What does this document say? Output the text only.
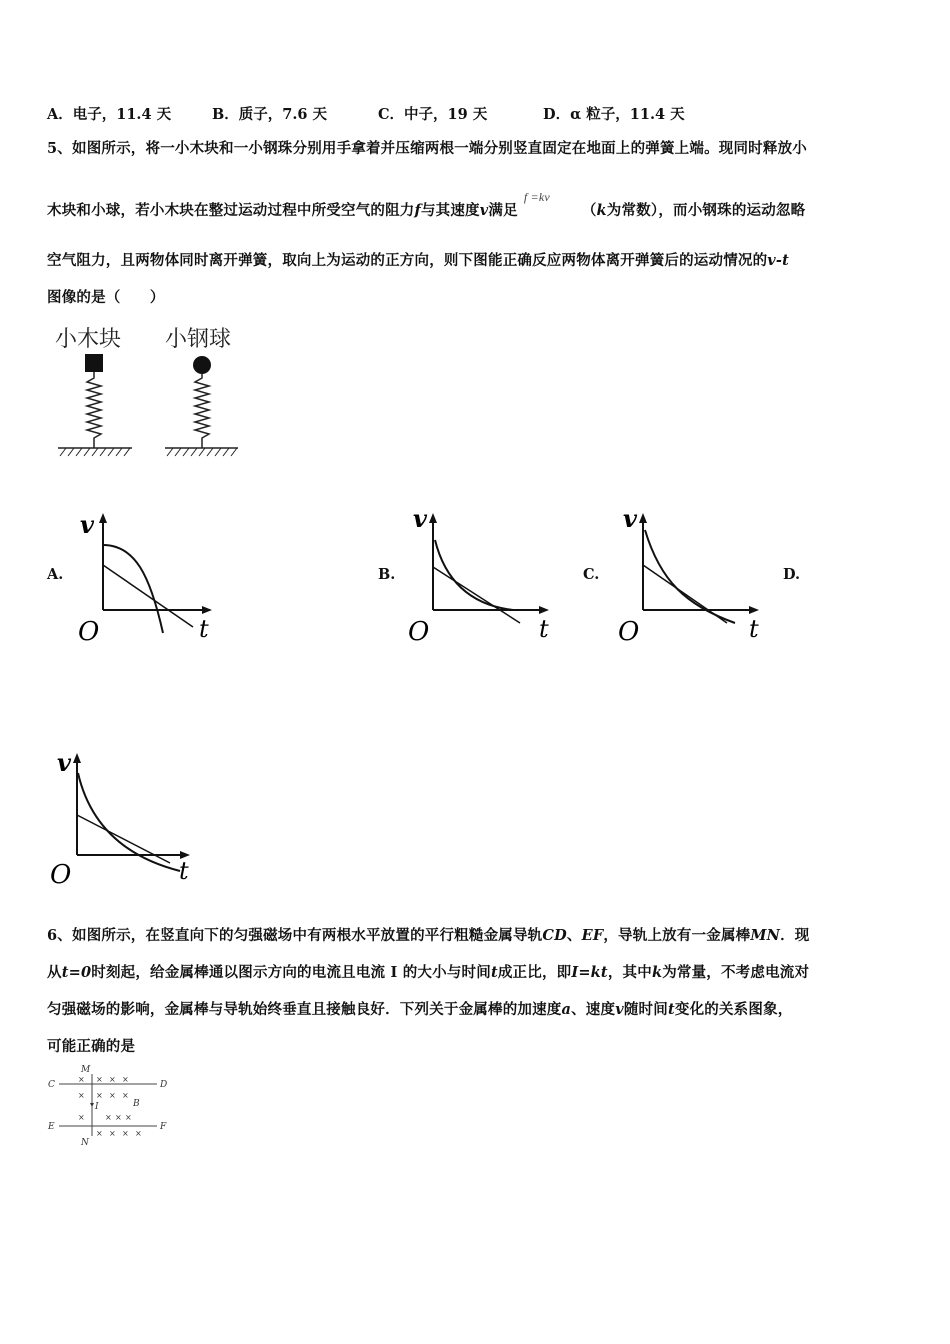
A．电子，11.4 天	B．质子，7.6 天	C．中子，19 天	D．α 粒子，11.4 天
5、如图所示，将一小木块和一小钢珠分别用手拿着并压缩两根一端分别竖直固定在地面上的弹簧上端。现同时释放小
木块和小球，若小木块在整过运动过程中所受空气的阻力f与其速度v满足f =kv（k为常数），而小钢珠的运动忽略
空气阻力，且两物体同时离开弹簧，取向上为运动的正方向，则下图能正确反应两物体离开弹簧后的运动情况的v-t
图像的是（　　）
小木块 小钢球
A.	B.	C.	D.
v
t
O
v
t
O
v
t
O
v
t
O
6、如图所示，在竖直向下的匀强磁场中有两根水平放置的平行粗糙金属导轨CD、EF，导轨上放有一金属棒MN．现
从t=0时刻起，给金属棒通以图示方向的电流且电流 I 的大小与时间t成正比，即I=kt，其中k为常量，不考虑电流对
匀强磁场的影响，金属棒与导轨始终垂直且接触良好．下列关于金属棒的加速度a、速度v随时间t变化的关系图象，
可能正确的是
C	D
E	F
M
N
B
I
× × × ×
× × × ×
×	× × ×
× × × ×
